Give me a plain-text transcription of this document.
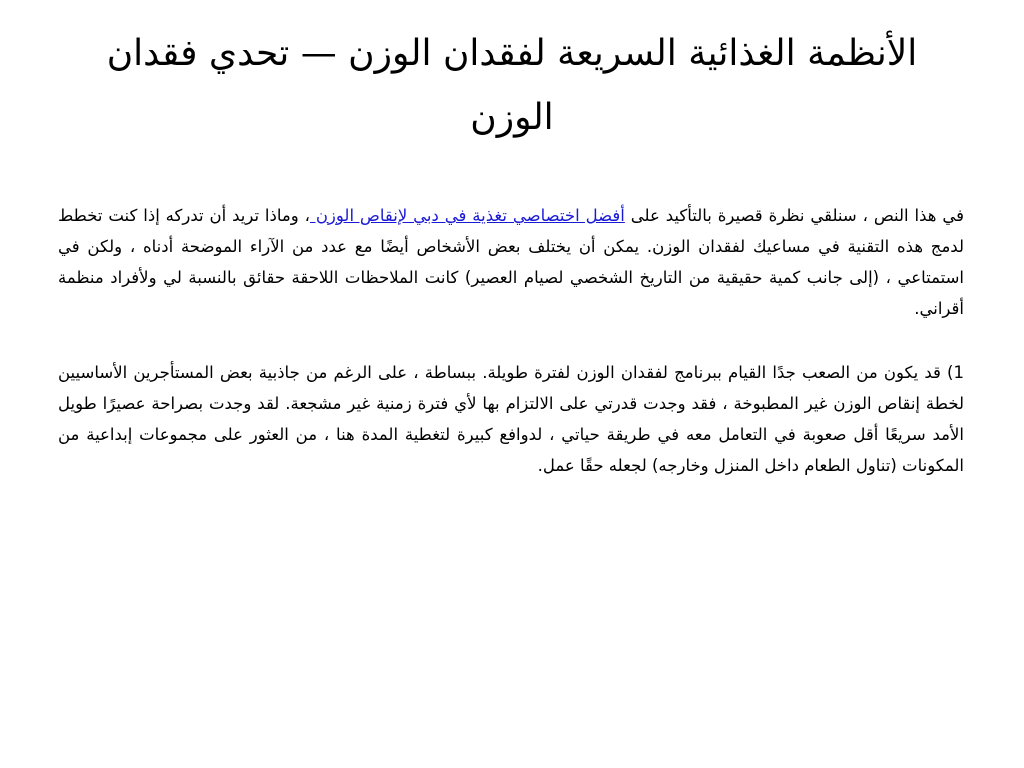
الأنظمة الغذائية السريعة لفقدان الوزن — تحدي فقدان الوزن

في هذا النص ، سنلقي نظرة قصيرة بالتأكيد على أفضل اختصاصي تغذية في دبي لإنقاص الوزن ، وماذا تريد أن تدركه إذا كنت تخطط لدمج هذه التقنية في مساعيك لفقدان الوزن. يمكن أن يختلف بعض الأشخاص أيضًا مع عدد من الآراء الموضحة أدناه ، ولكن في استمتاعي ، (إلى جانب كمية حقيقية من التاريخ الشخصي لصيام العصير) كانت الملاحظات اللاحقة حقائق بالنسبة لي ولأفراد منظمة أقراني.

1) قد يكون من الصعب جدًا القيام ببرنامج لفقدان الوزن لفترة طويلة. ببساطة ، على الرغم من جاذبية بعض المستأجرين الأساسيين لخطة إنقاص الوزن غير المطبوخة ، فقد وجدت قدرتي على الالتزام بها لأي فترة زمنية غير مشجعة. لقد وجدت بصراحة عصيرًا طويل الأمد سريعًا أقل صعوبة في التعامل معه في طريقة حياتي ، لدوافع كبيرة لتغطية المدة هنا ، من العثور على مجموعات إبداعية من المكونات (تناول الطعام داخل المنزل وخارجه) لجعله حقًا عمل.
